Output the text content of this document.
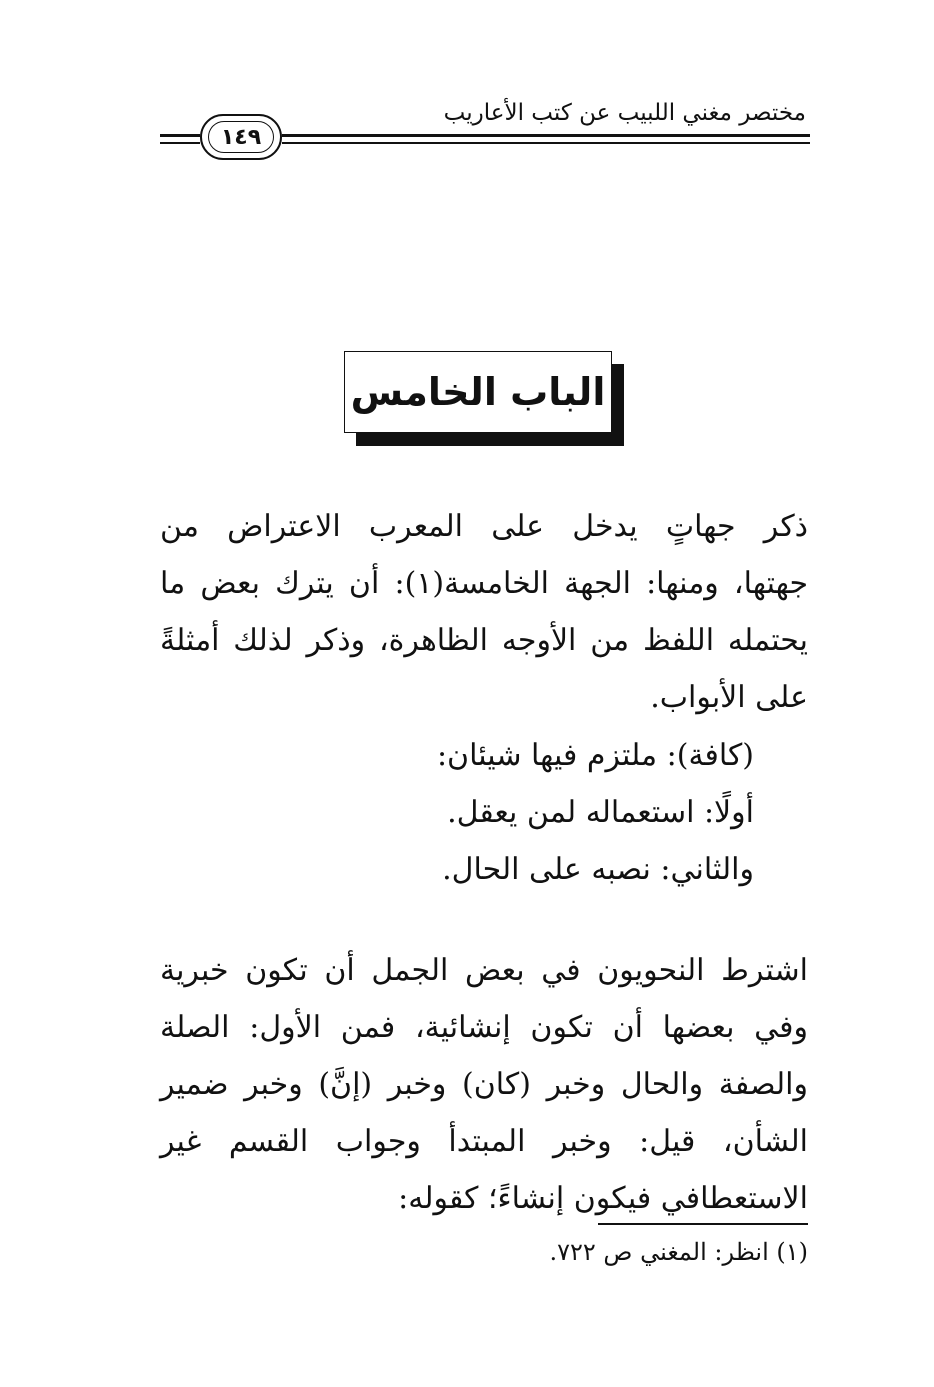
مختصر مغني اللبيب عن كتب الأعاريب
١٤٩
الباب الخامس
ذكر جهاتٍ يدخل على المعرب الاعتراض من
جهتها، ومنها: الجهة الخامسة(١): أن يترك بعض ما
يحتمله اللفظ من الأوجه الظاهرة، وذكر لذلك أمثلةً
على الأبواب.
(كافة): ملتزم فيها شيئان:
أولًا: استعماله لمن يعقل.
والثاني: نصبه على الحال.
اشترط النحويون في بعض الجمل أن تكون خبرية
وفي بعضها أن تكون إنشائية، فمن الأول: الصلة
والصفة والحال وخبر (كان) وخبر (إنَّ) وخبر ضمير
الشأن، قيل: وخبر المبتدأ وجواب القسم غير
الاستعطافي فيكون إنشاءً؛ كقوله:
(١) انظر: المغني ص ٧٢٢.
